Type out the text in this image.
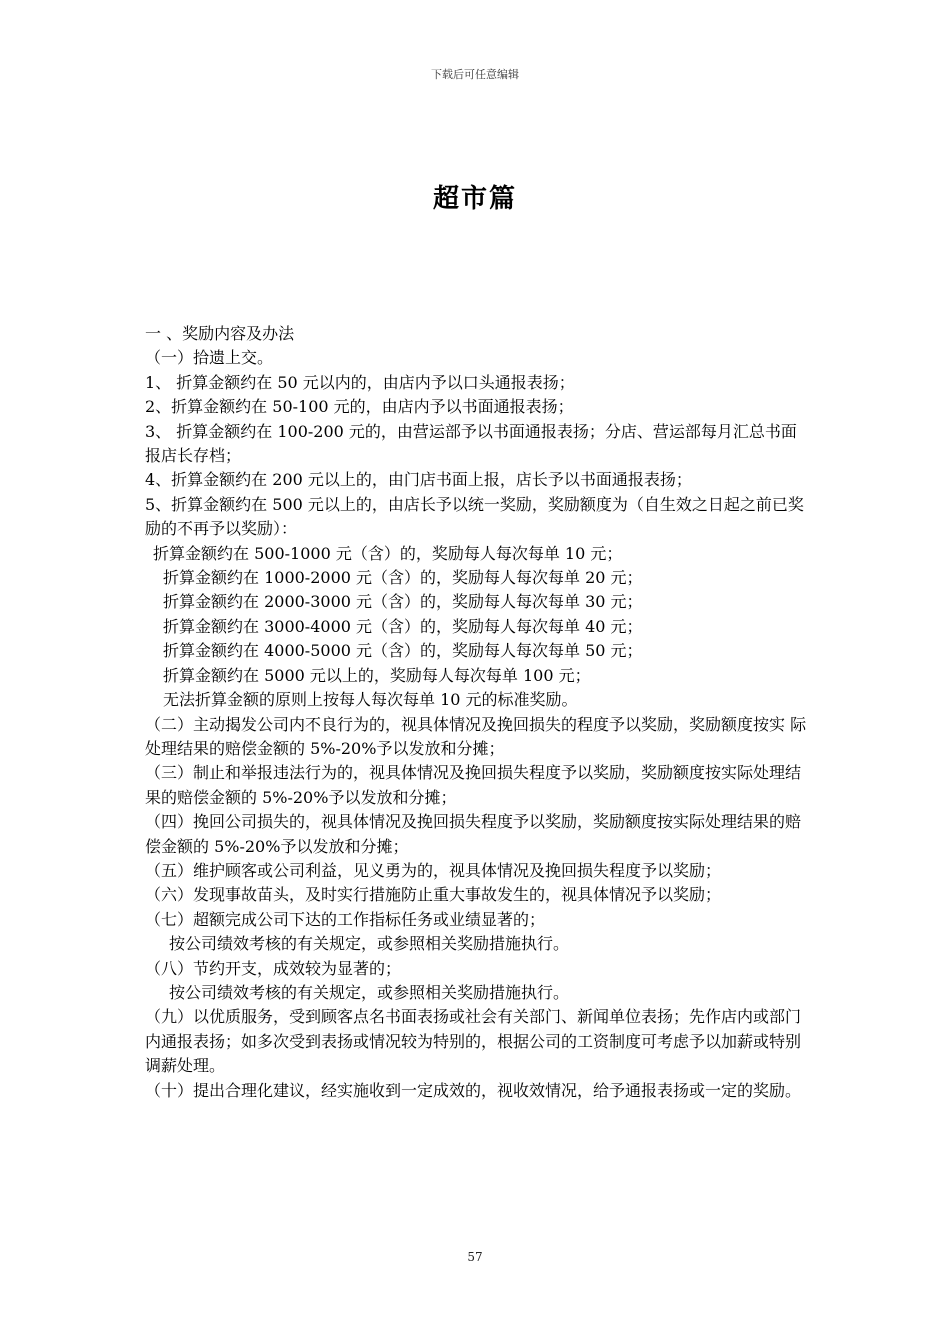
下载后可任意编辑
超市篇

一 、奖励内容及办法

（一）拾遗上交。

1、 折算金额约在 50 元以内的，由店内予以口头通报表扬；

2、折算金额约在 50-100 元的，由店内予以书面通报表扬；

3、 折算金额约在 100-200 元的，由营运部予以书面通报表扬；分店、营运部每月汇总书面报店长存档；

4、折算金额约在 200 元以上的，由门店书面上报，店长予以书面通报表扬；

5、折算金额约在 500 元以上的，由店长予以统一奖励，奖励额度为（自生效之日起之前已奖励的不再予以奖励）：

折算金额约在 500-1000 元（含）的，奖励每人每次每单 10 元；

折算金额约在 1000-2000 元（含）的，奖励每人每次每单 20 元；

折算金额约在 2000-3000 元（含）的，奖励每人每次每单 30 元；

折算金额约在 3000-4000 元（含）的，奖励每人每次每单 40 元；

折算金额约在 4000-5000 元（含）的，奖励每人每次每单 50 元；

折算金额约在 5000 元以上的，奖励每人每次每单 100 元；

无法折算金额的原则上按每人每次每单 10 元的标准奖励。

（二）主动揭发公司内不良行为的，视具体情况及挽回损失的程度予以奖励，奖励额度按实 际处理结果的赔偿金额的 5%-20%予以发放和分摊；

（三）制止和举报违法行为的，视具体情况及挽回损失程度予以奖励，奖励额度按实际处理结果的赔偿金额的 5%-20%予以发放和分摊；

（四）挽回公司损失的，视具体情况及挽回损失程度予以奖励，奖励额度按实际处理结果的赔偿金额的 5%-20%予以发放和分摊；

（五）维护顾客或公司利益，见义勇为的，视具体情况及挽回损失程度予以奖励；

（六）发现事故苗头，及时实行措施防止重大事故发生的，视具体情况予以奖励；

（七）超额完成公司下达的工作指标任务或业绩显著的；

按公司绩效考核的有关规定，或参照相关奖励措施执行。

（八）节约开支，成效较为显著的；

按公司绩效考核的有关规定，或参照相关奖励措施执行。

（九）以优质服务，受到顾客点名书面表扬或社会有关部门、新闻单位表扬；先作店内或部门内通报表扬；如多次受到表扬或情况较为特别的，根据公司的工资制度可考虑予以加薪或特别调薪处理。

（十）提出合理化建议，经实施收到一定成效的，视收效情况，给予通报表扬或一定的奖励。

57
